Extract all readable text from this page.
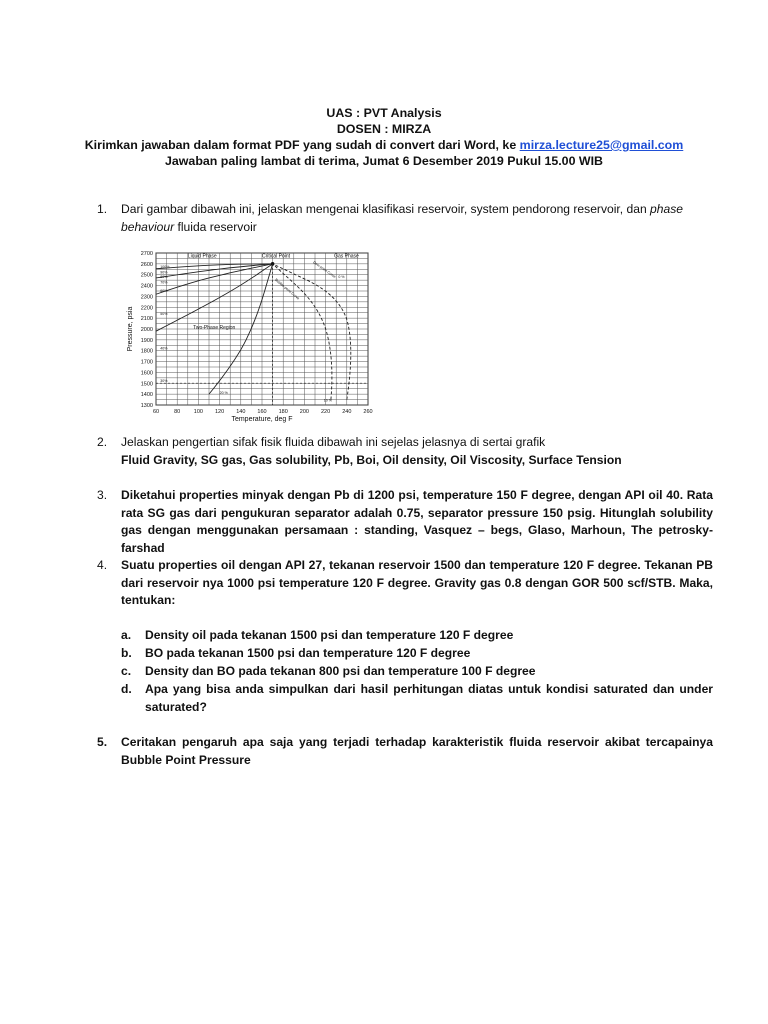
UAS : PVT Analysis
DOSEN : MIRZA
Kirimkan jawaban dalam format PDF yang sudah di convert dari Word, ke mirza.lecture25@gmail.com
Jawaban paling lambat di terima, Jumat 6 Desember 2019 Pukul 15.00 WIB
1. Dari gambar dibawah ini, jelaskan mengenai klasifikasi reservoir, system pendorong reservoir, dan phase behaviour fluida reservoir
60	80 100 120 140 160 180 200 220 240 260
1300
1400
1500
1600
1700
1800
1900
2000
2100
2200
2300
2400
2500
2600
2700
Temperature, deg F
Pressure, psia
Liquid Phase	Critical Point	Gas Phase
Two-Phase Region
Bubble-point Curve
Dew-point Curve
100%
90%
80%
70%
60%
50%
40%
30%
20 %
10 %
0 %
2. Jelaskan pengertian sifak fisik fluida dibawah ini sejelas jelasnya di sertai grafik
Fluid Gravity, SG gas, Gas solubility, Pb, Boi, Oil density, Oil Viscosity, Surface Tension
3. Diketahui properties minyak dengan Pb di 1200 psi, temperature 150 F degree, dengan API oil 40. Rata rata SG gas dari pengukuran separator adalah 0.75, separator pressure 150 psig. Hitunglah solubility gas dengan menggunakan persamaan : standing, Vasquez – begs, Glaso, Marhoun, The petrosky-farshad
4. Suatu properties oil dengan API 27, tekanan reservoir 1500 dan temperature 120 F degree. Tekanan PB dari reservoir nya 1000 psi temperature 120 F degree. Gravity gas 0.8 dengan GOR 500 scf/STB. Maka, tentukan:
a. Density oil pada tekanan 1500 psi dan temperature 120 F degree
b. BO pada tekanan 1500 psi dan temperature 120 F degree
c. Density dan BO pada tekanan 800 psi dan temperature 100 F degree
d. Apa yang bisa anda simpulkan dari hasil perhitungan diatas untuk kondisi saturated dan under saturated?
5. Ceritakan pengaruh apa saja yang terjadi terhadap karakteristik fluida reservoir akibat tercapainya Bubble Point Pressure
